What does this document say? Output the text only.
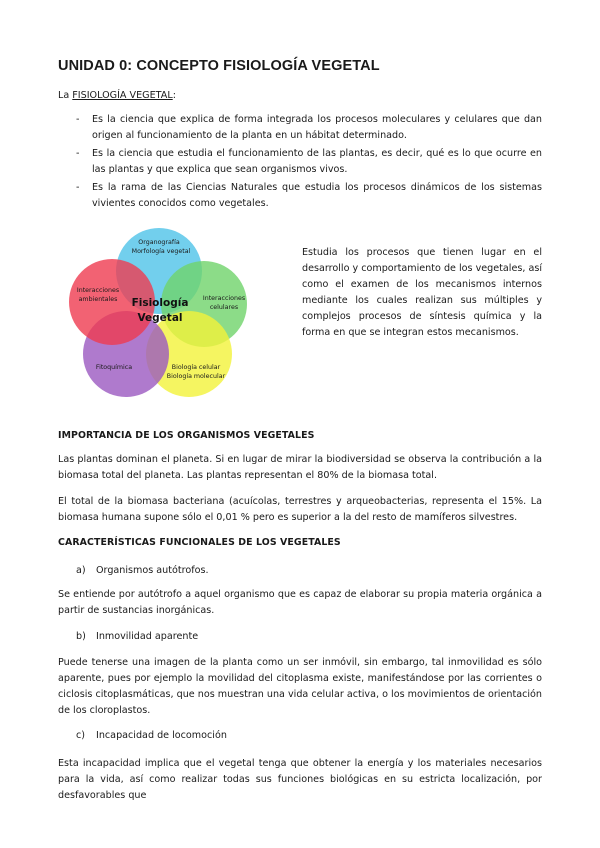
UNIDAD 0: CONCEPTO FISIOLOGÍA VEGETAL
La FISIOLOGÍA VEGETAL:
- Es la ciencia que explica de forma integrada los procesos moleculares y celulares que dan origen al funcionamiento de la planta en un hábitat determinado.
- Es la ciencia que estudia el funcionamiento de las plantas, es decir, qué es lo que ocurre en las plantas y que explica que sean organismos vivos.
- Es la rama de las Ciencias Naturales que estudia los procesos dinámicos de los sistemas vivientes conocidos como vegetales.
Organografía
Morfología vegetal
Interacciones
celulares
Biología celular
Biología molecular
Fitoquímica
Interacciones
ambientales Fisiología
Vegetal
Estudia los procesos que tienen lugar en el desarrollo y comportamiento de los vegetales, así como el examen de los mecanismos internos mediante los cuales realizan sus múltiples y complejos procesos de síntesis química y la forma en que se integran estos mecanismos.
IMPORTANCIA DE LOS ORGANISMOS VEGETALES

Las plantas dominan el planeta. Si en lugar de mirar la biodiversidad se observa la contribución a la biomasa total del planeta. Las plantas representan el 80% de la biomasa total.

El total de la biomasa bacteriana (acuícolas, terrestres y arqueobacterias, representa el 15%. La biomasa humana supone sólo el 0,01 % pero es superior a la del resto de mamíferos silvestres.

CARACTERÍSTICAS FUNCIONALES DE LOS VEGETALES
a) Organismos autótrofos.

Se entiende por autótrofo a aquel organismo que es capaz de elaborar su propia materia orgánica a partir de sustancias inorgánicas.

b) Inmovilidad aparente

Puede tenerse una imagen de la planta como un ser inmóvil, sin embargo, tal inmovilidad es sólo aparente, pues por ejemplo la movilidad del citoplasma existe, manifestándose por las corrientes o ciclosis citoplasmáticas, que nos muestran una vida celular activa, o los movimientos de orientación de los cloroplastos.

c) Incapacidad de locomoción

Esta incapacidad implica que el vegetal tenga que obtener la energía y los materiales necesarios para la vida, así como realizar todas sus funciones biológicas en su estricta localización, por desfavorables que
